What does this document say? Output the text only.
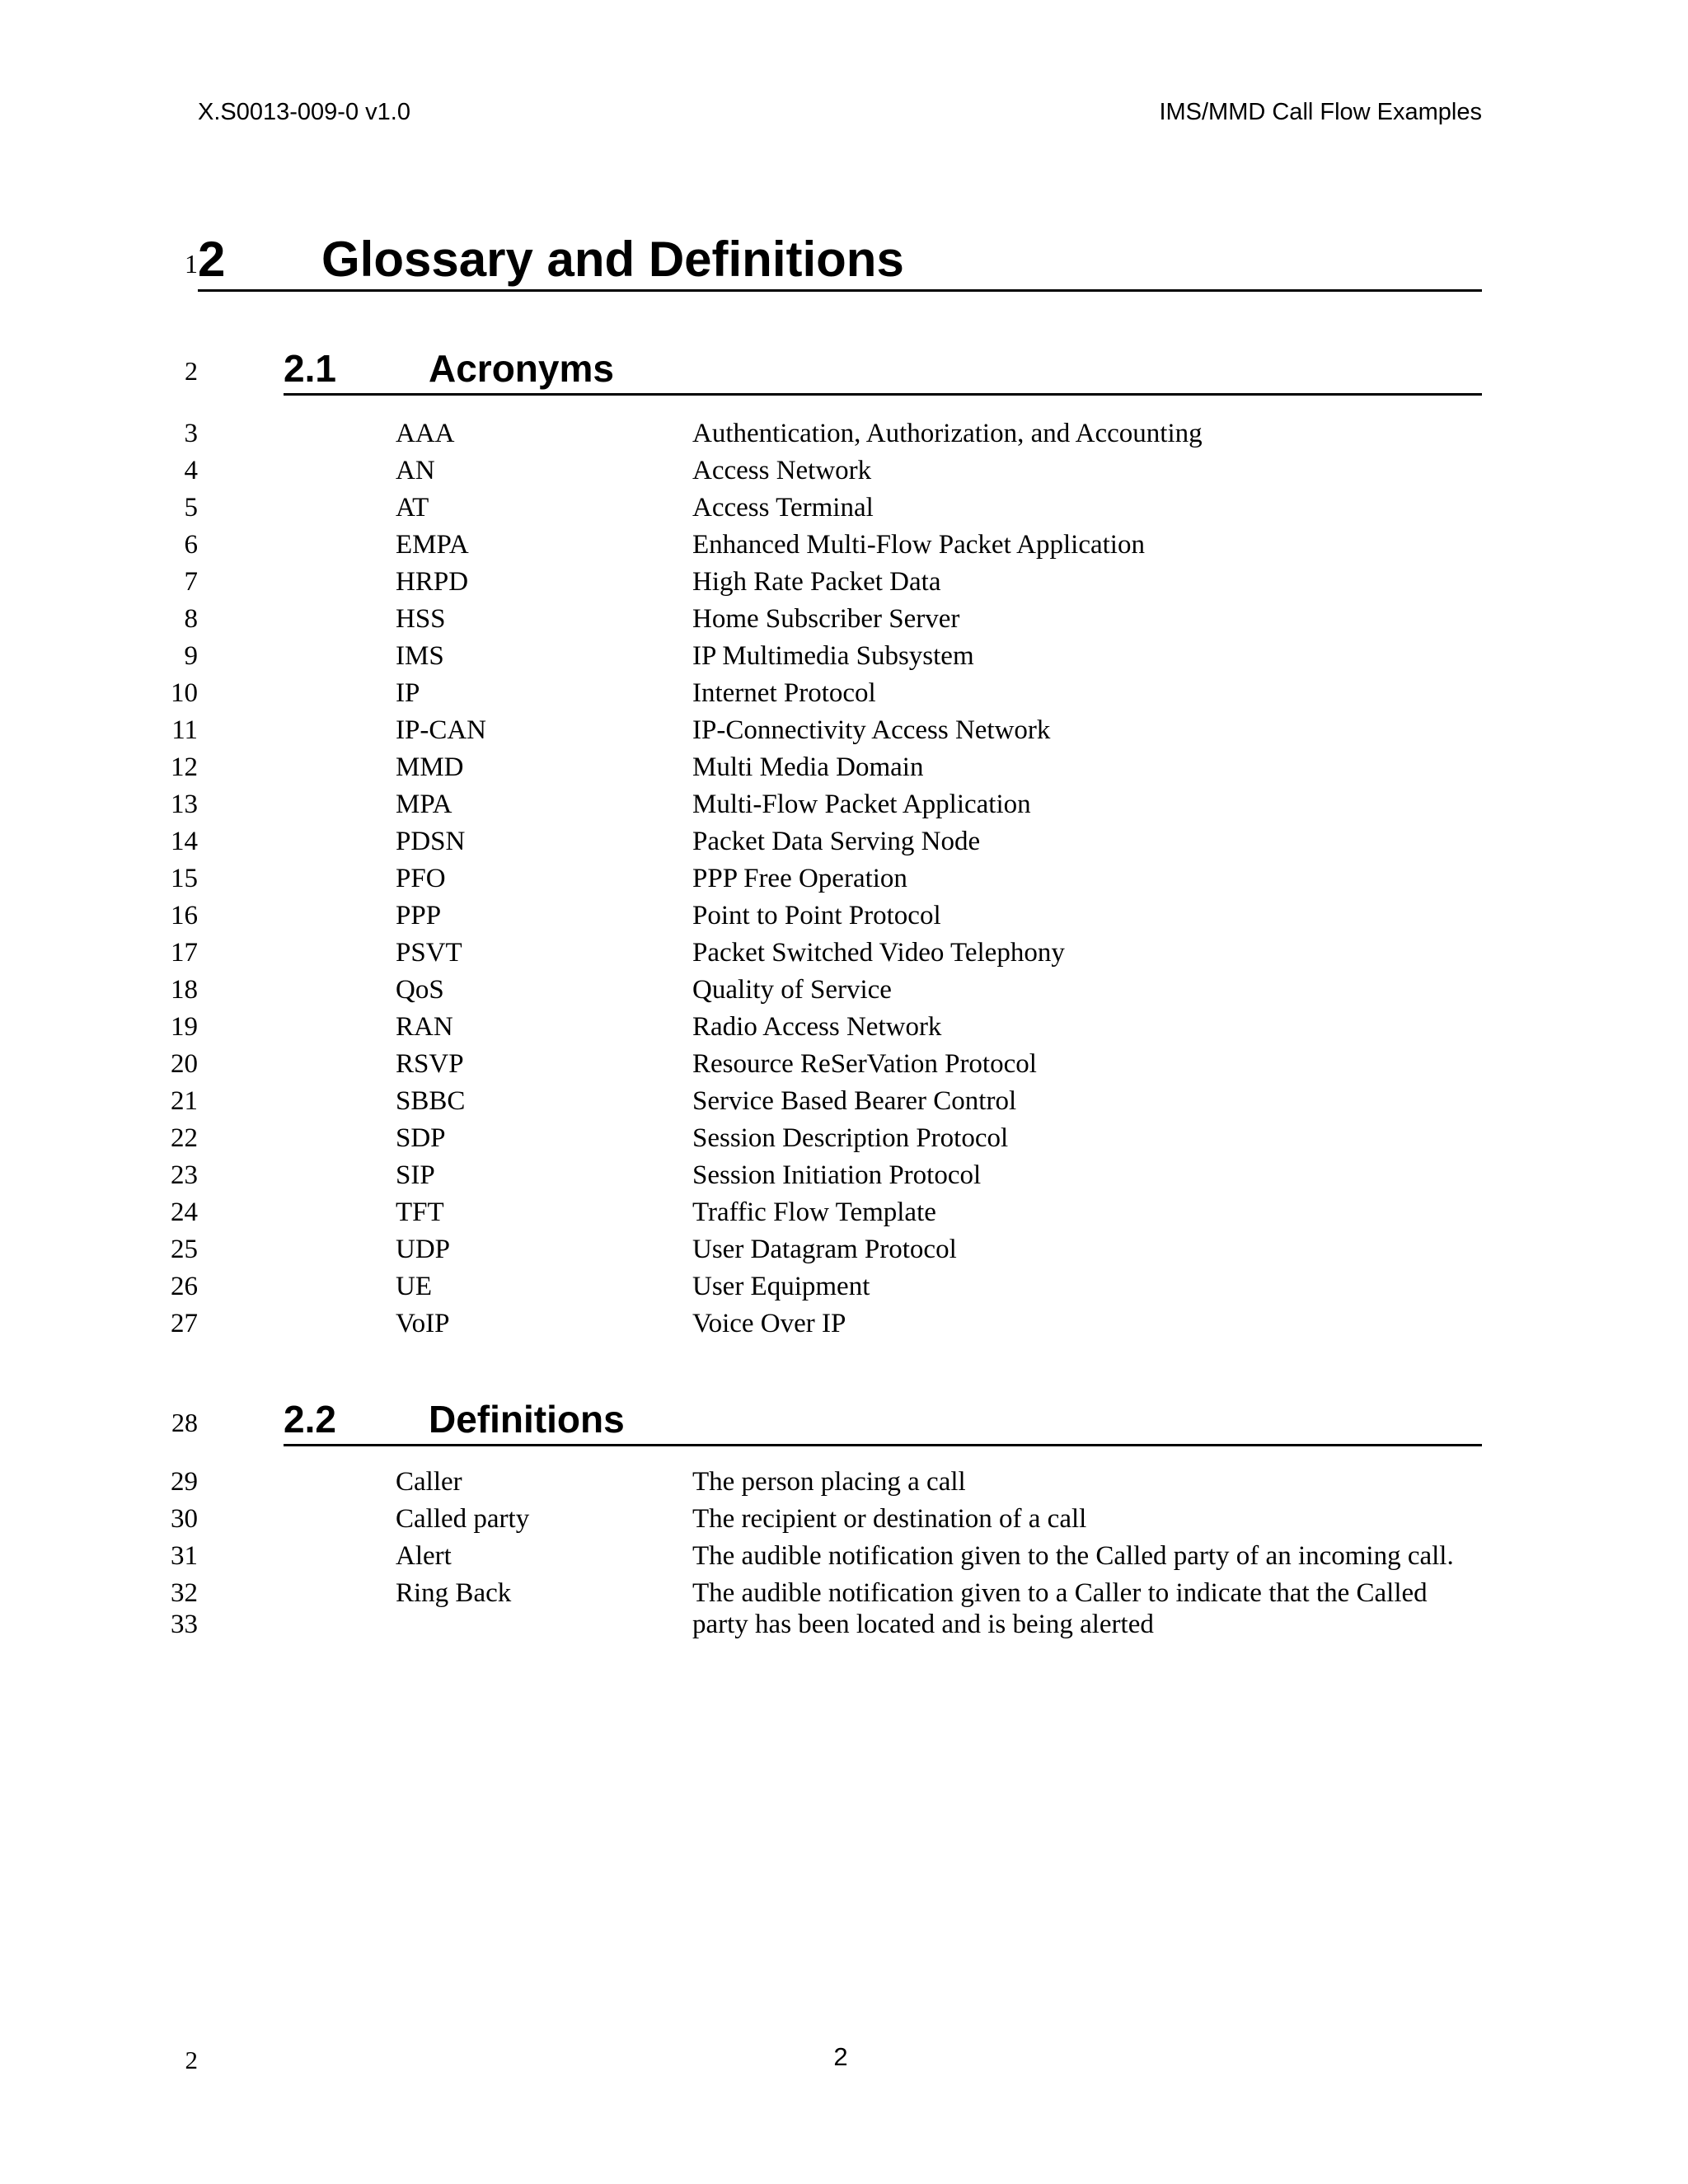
X.S0013-009-0 v1.0	IMS/MMD Call Flow Examples
1 2 Glossary and Definitions
2 2.1 Acronyms
3	AAA	Authentication, Authorization, and Accounting
4	AN	Access Network
5	AT	Access Terminal
6	EMPA	Enhanced Multi-Flow Packet Application
7	HRPD	High Rate Packet Data
8	HSS	Home Subscriber Server
9	IMS	IP Multimedia Subsystem
10	IP	Internet Protocol
11	IP-CAN	IP-Connectivity Access Network
12	MMD	Multi Media Domain
13	MPA	Multi-Flow Packet Application
14	PDSN	Packet Data Serving Node
15	PFO	PPP Free Operation
16	PPP	Point to Point Protocol
17	PSVT	Packet Switched Video Telephony
18	QoS	Quality of Service
19	RAN	Radio Access Network
20	RSVP	Resource ReSerVation Protocol
21	SBBC	Service Based Bearer Control
22	SDP	Session Description Protocol
23	SIP	Session Initiation Protocol
24	TFT	Traffic Flow Template
25	UDP	User Datagram Protocol
26	UE	User Equipment
27	VoIP	Voice Over IP
28 2.2 Definitions
29	Caller	The person placing a call
30	Called party	The recipient or destination of a call
31	Alert	The audible notification given to the Called party of an incoming call.
32	Ring Back	The audible notification given to a Caller to indicate that the Called
33	party has been located and is being alerted
2	2
